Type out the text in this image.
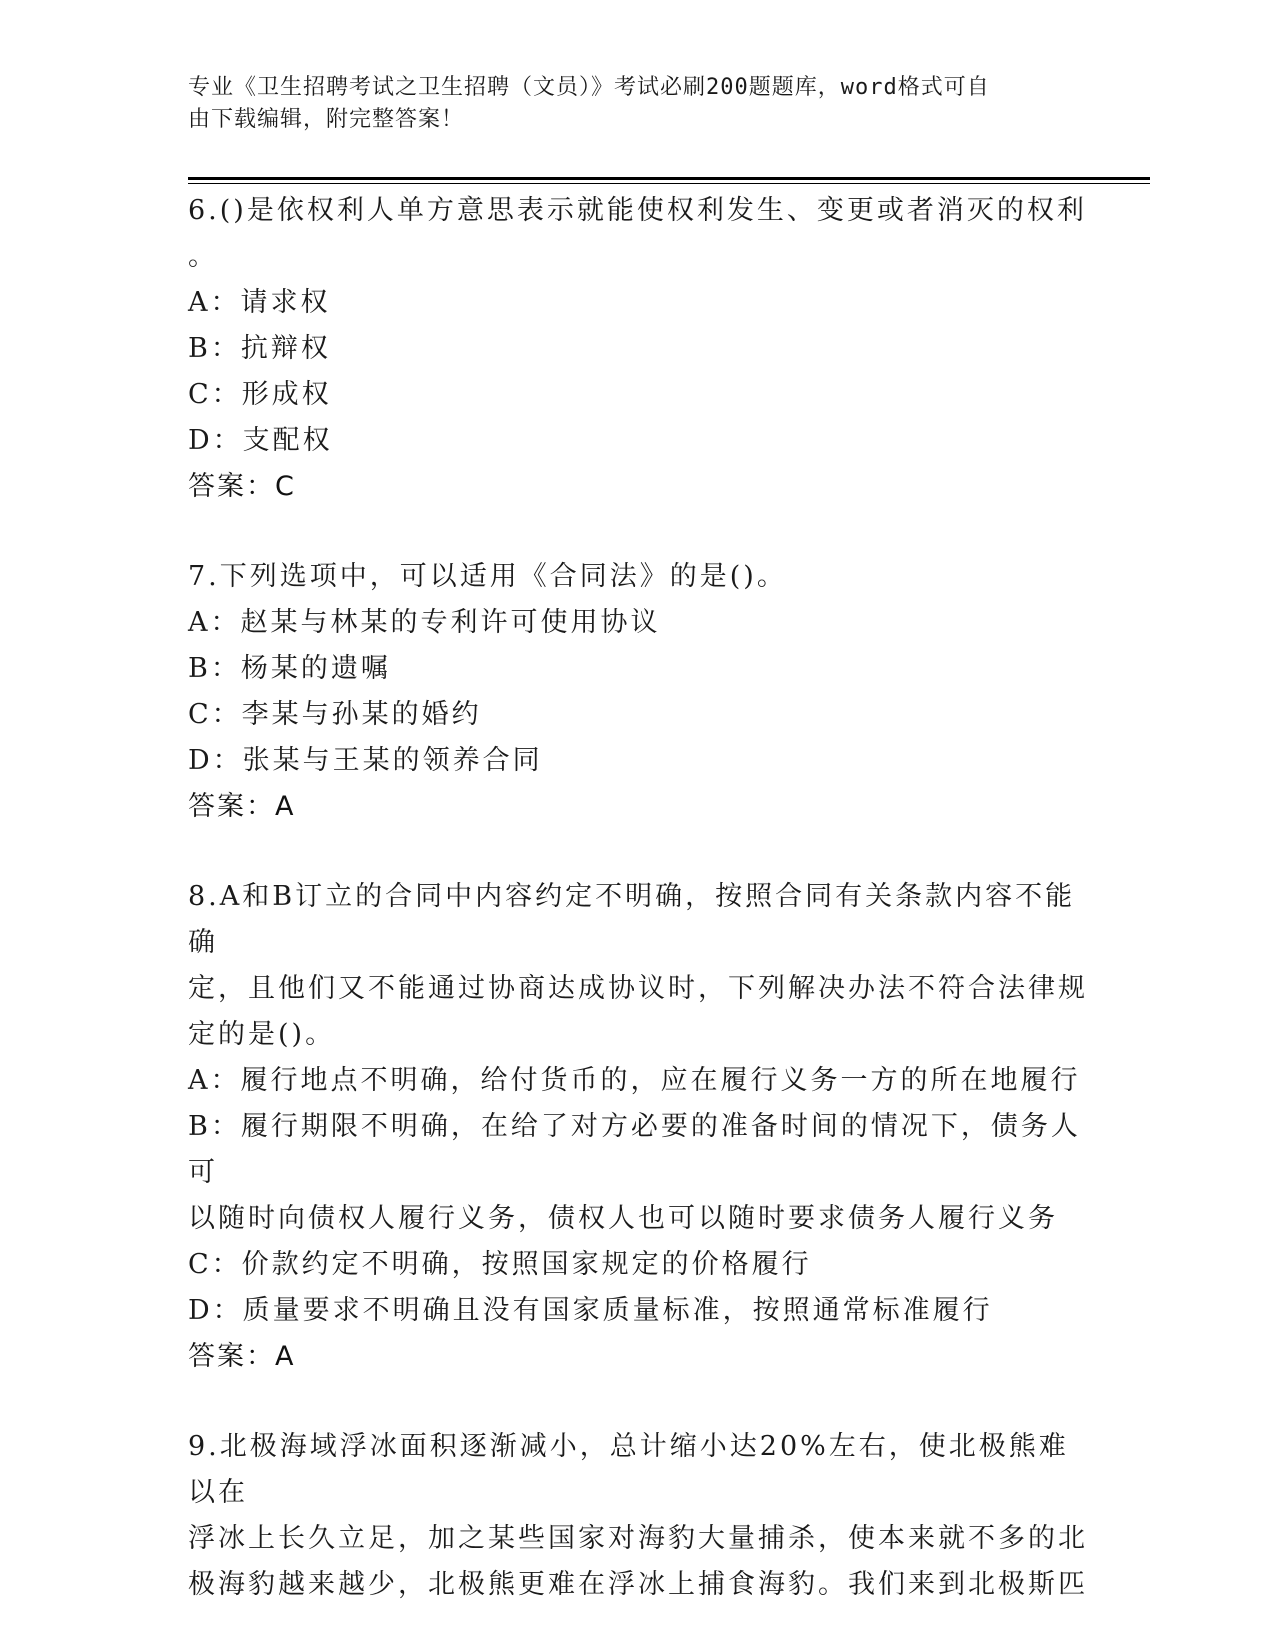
专业《卫生招聘考试之卫生招聘（文员）》考试必刷200题题库，word格式可自
由下载编辑，附完整答案！

6.()是依权利人单方意思表示就能使权利发生、变更或者消灭的权利

。

A：请求权

B：抗辩权

C：形成权

D：支配权

答案：C

7.下列选项中，可以适用《合同法》的是()。

A：赵某与林某的专利许可使用协议

B：杨某的遗嘱

C：李某与孙某的婚约

D：张某与王某的领养合同

答案：A

8.A和B订立的合同中内容约定不明确，按照合同有关条款内容不能确

定，且他们又不能通过协商达成协议时，下列解决办法不符合法律规

定的是()。

A：履行地点不明确，给付货币的，应在履行义务一方的所在地履行

B：履行期限不明确，在给了对方必要的准备时间的情况下，债务人可

以随时向债权人履行义务，债权人也可以随时要求债务人履行义务

C：价款约定不明确，按照国家规定的价格履行

D：质量要求不明确且没有国家质量标准，按照通常标准履行

答案：A

9.北极海域浮冰面积逐渐减小，总计缩小达20%左右，使北极熊难以在

浮冰上长久立足，加之某些国家对海豹大量捕杀，使本来就不多的北

极海豹越来越少，北极熊更难在浮冰上捕食海豹。我们来到北极斯匹
